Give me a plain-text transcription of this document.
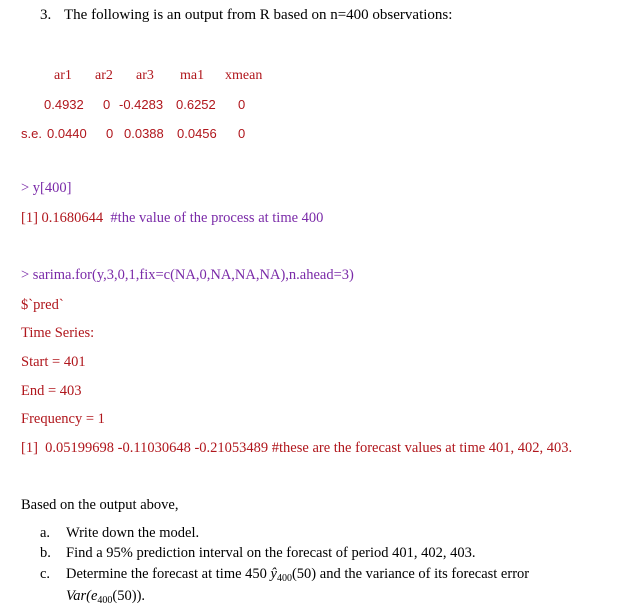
3. The following is an output from R based on n=400 observations:
ar1 ar2 ar3 ma1 xmean
0.4932 0 -0.4283 0.6252 0
s.e. 0.0440 0 0.0388 0.0456 0
> y[400]
[1] 0.1680644 #the value of the process at time 400
> sarima.for(y,3,0,1,fix=c(NA,0,NA,NA,NA),n.ahead=3)
$`pred`
Time Series:
Start = 401
End = 403
Frequency = 1
[1]  0.05199698 -0.11030648 -0.21053489 #these are the forecast values at time 401, 402, 403.
Based on the output above,
a. Write down the model.
b. Find a 95% prediction interval on the forecast of period 401, 402, 403.
c. Determine the forecast at time 450 $ŷ_{400}(50)$ and the variance of its forecast error
$Var(e_{400}(50))$.
